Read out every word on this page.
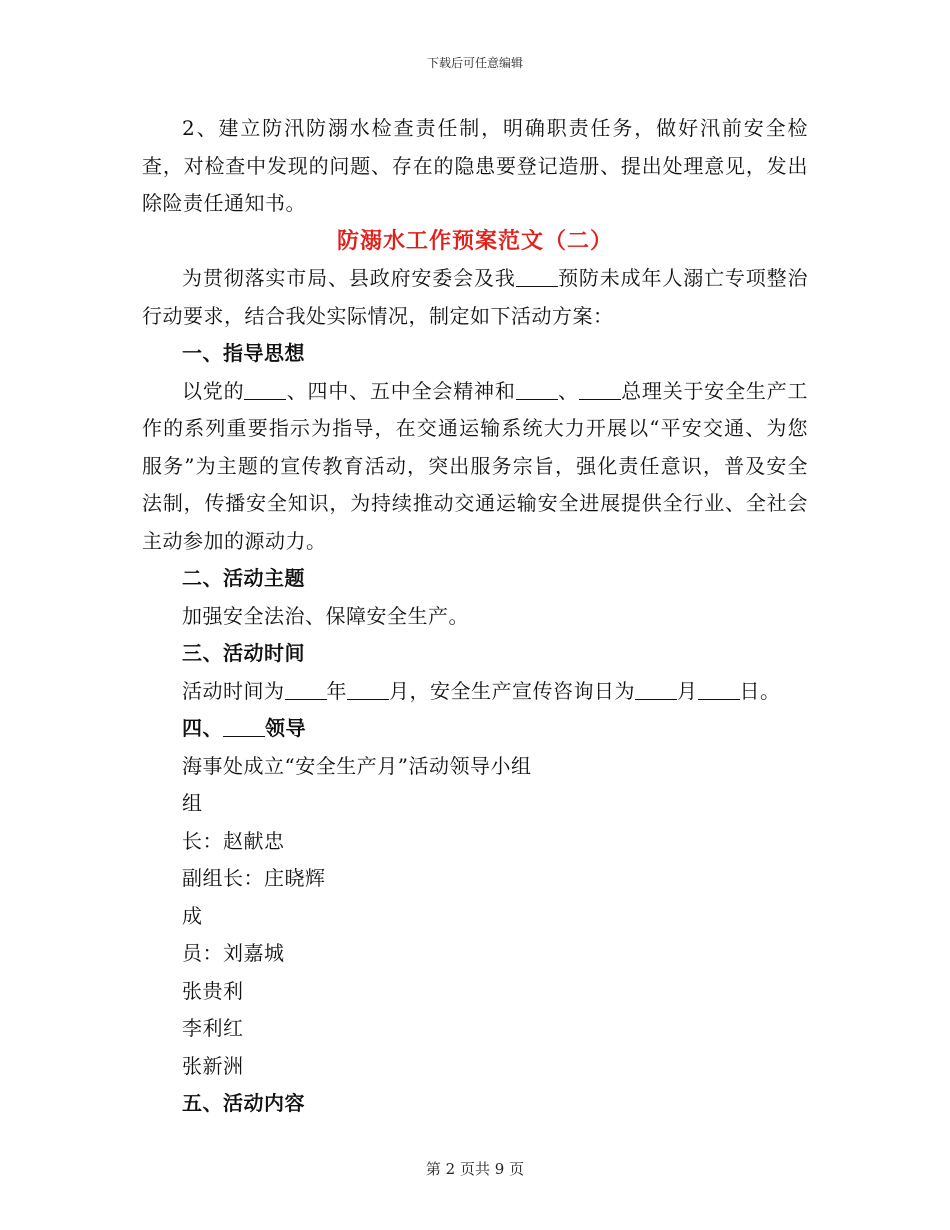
下载后可任意编辑

2、建立防汛防溺水检查责任制，明确职责任务，做好汛前安全检查，对检查中发现的问题、存在的隐患要登记造册、提出处理意见，发出除险责任通知书。

防溺水工作预案范文（二）

为贯彻落实市局、县政府安委会及我 预防未成年人溺亡专项整治行动要求，结合我处实际情况，制定如下活动方案：

一、指导思想

以党的 、四中、五中全会精神和 、 总理关于安全生产工作的系列重要指示为指导，在交通运输系统大力开展以“平安交通、为您服务”为主题的宣传教育活动，突出服务宗旨，强化责任意识，普及安全法制，传播安全知识，为持续推动交通运输安全进展提供全行业、全社会主动参加的源动力。

二、活动主题

加强安全法治、保障安全生产。

三、活动时间

活动时间为 年 月，安全生产宣传咨询日为 月 日。

四、 领导

海事处成立“安全生产月”活动领导小组

组

长：赵献忠

副组长：庄晓辉

成

员：刘嘉城

张贵利

李利红

张新洲

五、活动内容

第 2 页共 9 页
